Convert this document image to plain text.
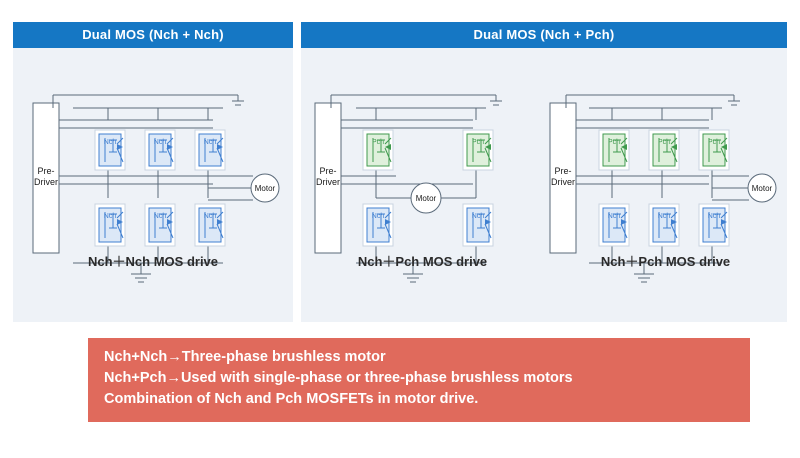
Dual MOS (Nch + Nch)
Nch	Nch	Nch
Nch	Nch	Nch
Pre-
Driver
Motor
Nch＋Nch MOS drive
Dual MOS (Nch + Pch)
Pch	Pch
Nch	Nch
Pre-
Driver
Motor
Nch＋Pch MOS drive
Pch	Pch	Pch
Nch	Nch	Nch
Pre-
Driver
Motor
Nch＋Pch MOS drive
Nch+Nch→Three-phase brushless motor
Nch+Pch→Used with single-phase or three-phase brushless motors
Combination of Nch and Pch MOSFETs in motor drive.
